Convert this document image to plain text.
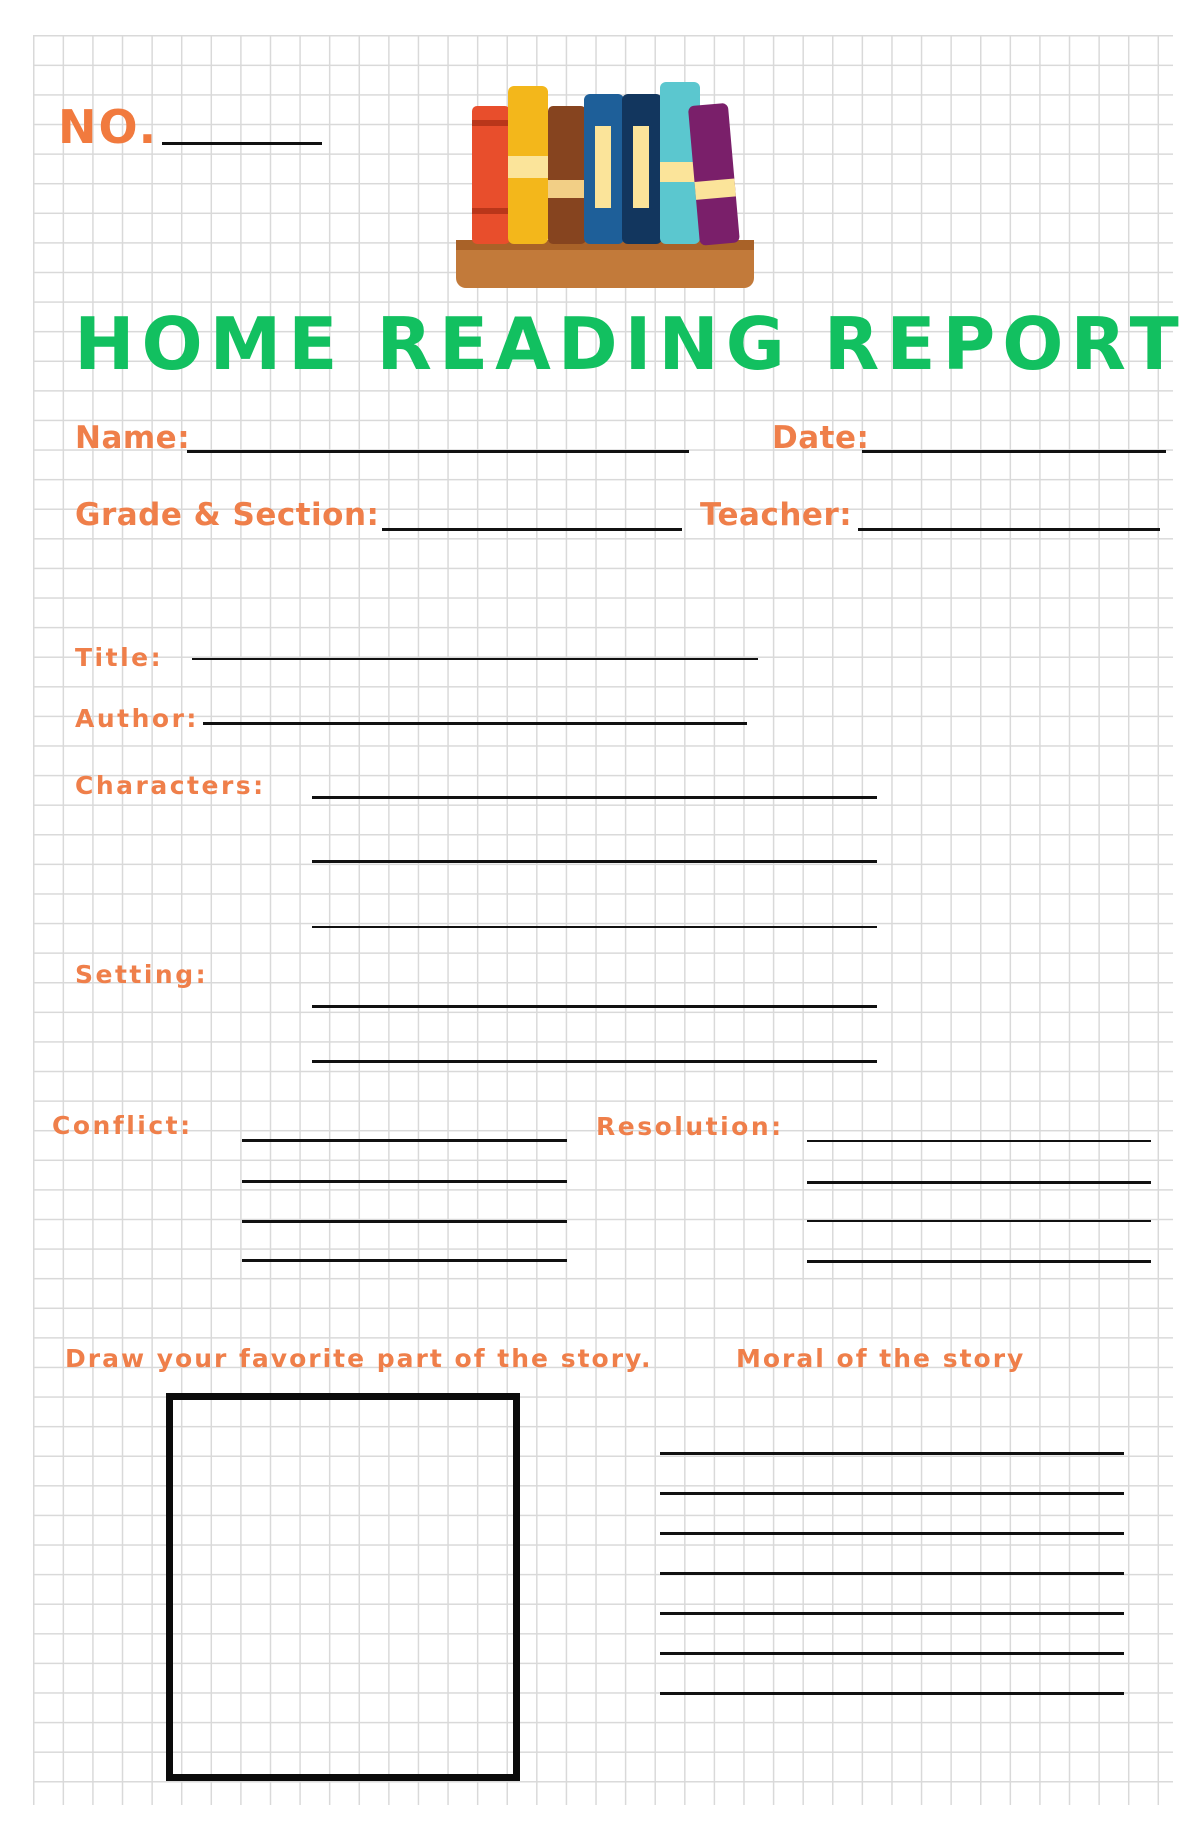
NO.
HOME READING REPORT
Name:	Date:
Grade & Section:	Teacher:
Title:
Author:
Characters:
Setting:
Conflict:	Resolution:
Draw your favorite part of the story.	Moral of the story
